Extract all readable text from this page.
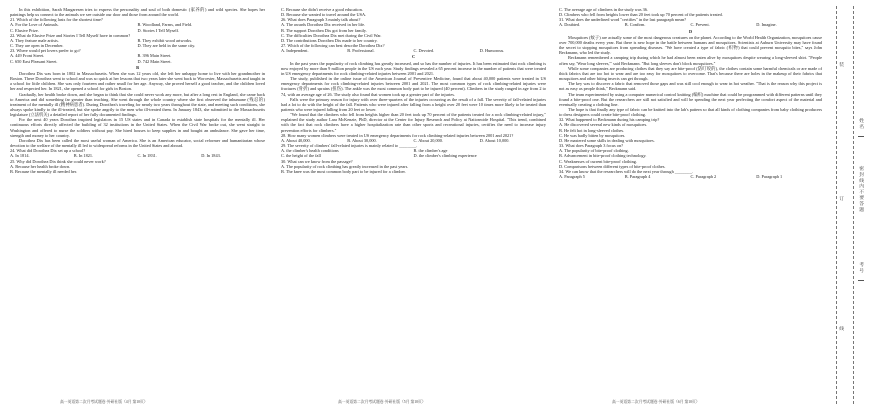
In this exhibition, Sarah Margaresen tries to express the personality and soul of both domestic (家养的) and wild species. She hopes her paintings help us connect to the animals we see outside our door and those from around the world.

21. Which of the following lasts for the shortest time?

A. For the Love of Animals.	B. Woodland, Farms, and Field.
C. Elusive Prize.	D. Stories I Tell Myself.

22. What do Elusive Prize and Stories I Tell Myself have in common?

A. They feature male artists.	B. They exhibit wood artworks.
C. They are open in December.	D. They are held in the same city.

23. Where would pet lovers prefer to go?

A. 449 Front Street.	B. 396 Main Street.
C. 650 East Pleasant Street.	D. 742 Main Street.

B

Dorothea Dix was born in 1802 in Massachusetts. When she was 12 years old, she left her unhappy home to live with her grandmother in Boston. There Dorothea went to school and was so quick at her lessons that two years later she went back to Worcester, Massachusetts and taught in a school for little children. She was only fourteen and rather small for her age. Anyway, she proved herself a good teacher, and the children loved her and respected her. In 1821, she opened a school for girls in Boston.

Gradually, her health broke down, and she began to think that she could never work any more, but after a long rest in England, she came back to America and did something far greater than teaching. She went through the whole country where she first observed the inhumane (残忍的) treatment of the mentally ill (精神病患者). During Dorothea's traveling for nearly two years throughout the state, and meeting such conditions, she always spoke kindly to the ill-treated, but she spoke angrily to the men who ill-treated them. In January 1843, she submitted to the Massachusetts legislature (立法机关) a detailed report of her fully documented findings.

For the next 40 years Dorothea inspired legislators in 15 US states and in Canada to establish state hospitals for the mentally ill. Her continuous efforts directly affected the building of 32 institutions in the United States. When the Civil War broke out, she went straight to Washington and offered to nurse the soldiers without pay. She hired houses to keep supplies in and bought an ambulance. She gave her time, strength and money to her country.

Dorothea Dix has been called the most useful woman of America. She is an American educator, social reformer and humanitarian whose devotion to the welfare of the mentally ill led to widespread reforms in the United States and abroad.

24. What did Dorothea Dix set up a school?

A. In 1814.	B. In 1821.	C. In 1831.	D. In 1843.

25. Why did Dorothea Dix think she could never work?

A. Because her health broke down.

B. Because the mentally ill needed her.

C. Because she didn't receive a good education.

D. Because she wanted to travel around the USA.

26. What does Paragraph 3 mainly talk about?

A. The awards Dorothea Dix received in her life.

B. The support Dorothea Dix got from her family.

C. The difficulties Dorothea Dix met during the Civil War.

D. The contributions Dorothea Dix made to her country.

27. Which of the following can best describe Dorothea Dix?

A. Independent.	B. Professional.	C. Devoted.	D. Humorous.

C

In the past years the popularity of rock climbing has greatly increased, and so has the number of injuries. It has been estimated that rock climbing is now enjoyed by more than 9 million people in the US each year. Study findings revealed a 65 percent increase in the number of patients that were treated in US emergency departments for rock climbing-related injuries between 2001 and 2021.

The study, published in the online issue of the American Journal of Preventive Medicine, found that about 40,000 patients were treated in US emergency departments for rock climbing-related injuries between 2001 and 2021. The most common types of rock climbing-related injuries were fractures (骨折) and sprains (扭伤). The ankle was the most common body part to be injured (40 percent). Climbers in the study ranged in age from 2 to 74, with an average age of 26. The study also found that women took up a greater part of the injuries.

Falls were the primary reason for injury with over three-quarters of the injuries occurring as the result of a fall. The severity of fall-related injuries had a lot to do with the height of the fall. Patients who were injured after falling from a height over 20 feet were 10 times more likely to be treated than patients who were injured falling from 20 feet or lower.

"We found that the climbers who fell from heights higher than 20 feet took up 70 percent of the patients treated for a rock climbing-related injury," explained the study author Lara McKenzie, PhD, director at the Center for Injury Research and Policy at Nationwide Hospital. "This trend, combined with the fact that rock climbers have a higher hospitalization rate than other sports and recreational injuries, certifies the need to increase injury prevention efforts for climbers."

28. How many women climbers were treated in US emergency departments for rock climbing-related injuries between 2001 and 2021?

A. About 40,000.	B. About 30,000.	C. About 20,000.	D. About 10,000.

29. The severity of climbers' fall-related injuries is mainly related to ________.

A. the climber's health conditions	B. the climber's age
C. the height of the fall	D. the climber's climbing experience

30. What can we know from the passage?

A. The popularity of rock climbing has greatly increased in the past years.

B. The knee was the most common body part to be injured for a climber.

C. The average age of climbers in the study was 36.

D. Climbers who fell from heights lower than 20 feet took up 70 percent of the patients treated.

31. What does the underlined word "certifies" in the last paragraph mean?

A. Doubted.	B. Confirm.	C. Prevent.	D. Imagine.

D

Mosquitoes (蚊子) are actually some of the most dangerous creatures on the planet. According to the World Health Organization, mosquitoes cause over 700,000 deaths every year. But there is new hope in the battle between humans and mosquitoes. Scientists at Auburn University may have found the secret to stopping mosquitoes from spreading diseases. "We have created a type of fabric (织物) that could prevent mosquito bites," says John Beckmann, who led the study.

Beckmann remembered a camping trip during which he had almost been eaten alive by mosquitoes despite wearing a long-sleeved shirt. "People often say, 'Wear long sleeves,'" said Beckmann. "But long sleeves don't block mosquitoes."

While some companies are producing clothes that they say are bite-proof (防叮咬的), the clothes contain some harmful chemicals or are made of thick fabrics that are too hot to wear and are too easy for mosquitoes to overcome. That's because there are holes in the makeup of their fabrics that mosquitoes and other biting insects can get through.

The key was to discover a fabric that removed those gaps and was still cool enough to wear in hot weather. "That is the reason why this project is not as easy as people think," Beckmann said.

The team experimented by using a computer numerical control knitting (编织) machine that could be programmed with different patterns until they found a bite-proof one. But the researchers are still not satisfied and will be spending the next year perfecting the comfort aspect of the material and eventually creating a clothing line.

The hope is that finally any type of fabric can be knitted into the lab's pattern so that all kinds of clothing companies from baby clothing producers to dress designers could create bite-proof clothing.

32. What happened to Beckmann during his camping trip?

A. He discovered several new kinds of mosquitoes.

B. He felt hot in long-sleeved clothes.

C. He was badly bitten by mosquitoes.

D. He mastered some skills in dealing with mosquitoes.

33. What does Paragraph 3 focus on?

A. The popularity of bite-proof clothing.

B. Advancement in bite-proof clothing technology.

C. Weaknesses of current bite-proof clothing.

D. Comparisons between different types of bite-proof clothes.

34. We can know that the researchers will do the next year through ________.

A. Paragraph 5	B. Paragraph 4	C. Paragraph 2	D. Paragraph 1
高一英语第二次月考试题卷·外研社版（4月 第10页）	高一英语第二次月考试题卷·外研社版（5月 第10页）	高一英语第二次月考试题卷·外研社版（6月 第10页）
装
订
线
姓名
密封线内不要答题
考号
